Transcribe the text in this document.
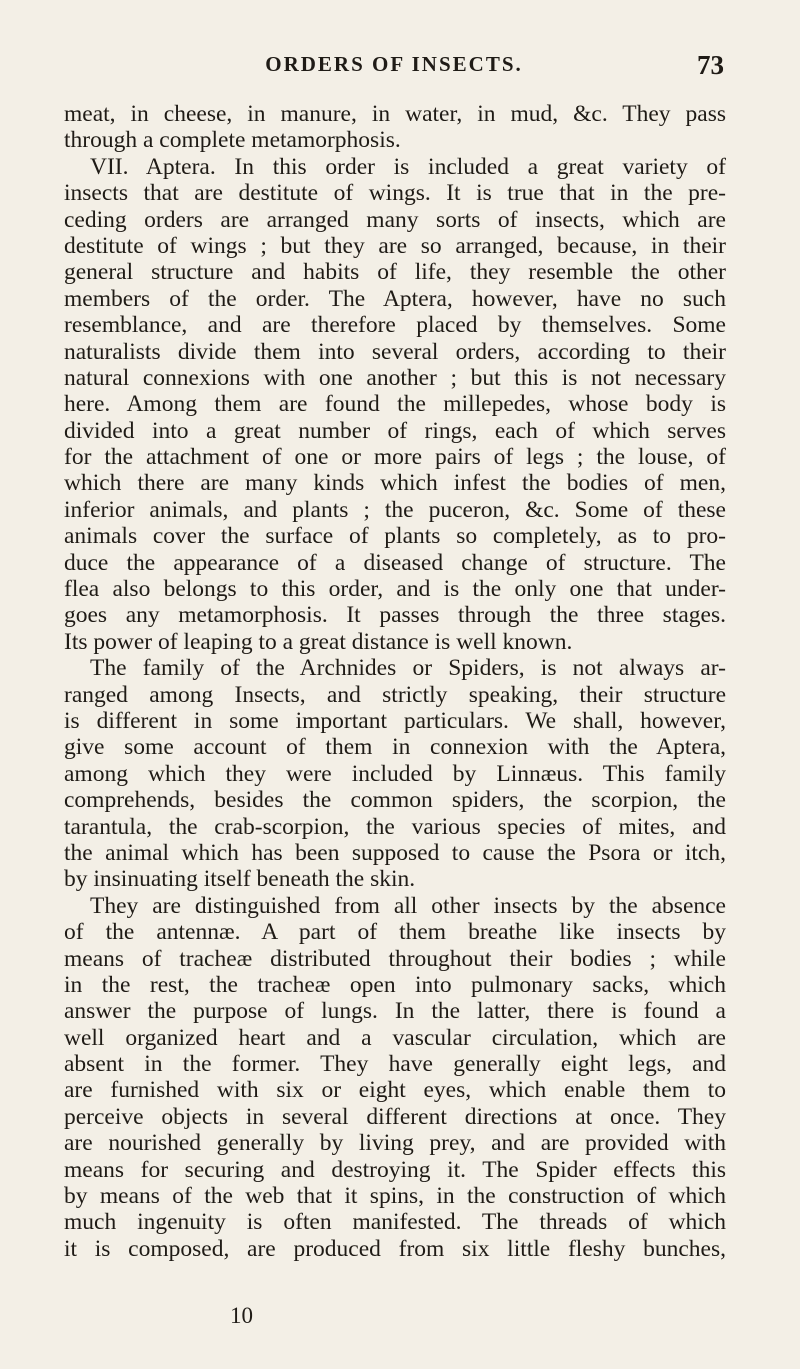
ORDERS OF INSECTS.	73
meat, in cheese, in manure, in water, in mud, &c. They pass
through a complete metamorphosis.
VII. Aptera. In this order is included a great variety of
insects that are destitute of wings. It is true that in the pre-
ceding orders are arranged many sorts of insects, which are
destitute of wings ; but they are so arranged, because, in their
general structure and habits of life, they resemble the other
members of the order. The Aptera, however, have no such
resemblance, and are therefore placed by themselves. Some
naturalists divide them into several orders, according to their
natural connexions with one another ; but this is not necessary
here. Among them are found the millepedes, whose body is
divided into a great number of rings, each of which serves
for the attachment of one or more pairs of legs ; the louse, of
which there are many kinds which infest the bodies of men,
inferior animals, and plants ; the puceron, &c. Some of these
animals cover the surface of plants so completely, as to pro-
duce the appearance of a diseased change of structure. The
flea also belongs to this order, and is the only one that under-
goes any metamorphosis. It passes through the three stages.
Its power of leaping to a great distance is well known.
The family of the Archnides or Spiders, is not always ar-
ranged among Insects, and strictly speaking, their structure
is different in some important particulars. We shall, however,
give some account of them in connexion with the Aptera,
among which they were included by Linnæus. This family
comprehends, besides the common spiders, the scorpion, the
tarantula, the crab-scorpion, the various species of mites, and
the animal which has been supposed to cause the Psora or itch,
by insinuating itself beneath the skin.
They are distinguished from all other insects by the absence
of the antennæ. A part of them breathe like insects by
means of tracheæ distributed throughout their bodies ; while
in the rest, the tracheæ open into pulmonary sacks, which
answer the purpose of lungs. In the latter, there is found a
well organized heart and a vascular circulation, which are
absent in the former. They have generally eight legs, and
are furnished with six or eight eyes, which enable them to
perceive objects in several different directions at once. They
are nourished generally by living prey, and are provided with
means for securing and destroying it. The Spider effects this
by means of the web that it spins, in the construction of which
much ingenuity is often manifested. The threads of which
it is composed, are produced from six little fleshy bunches,
10
